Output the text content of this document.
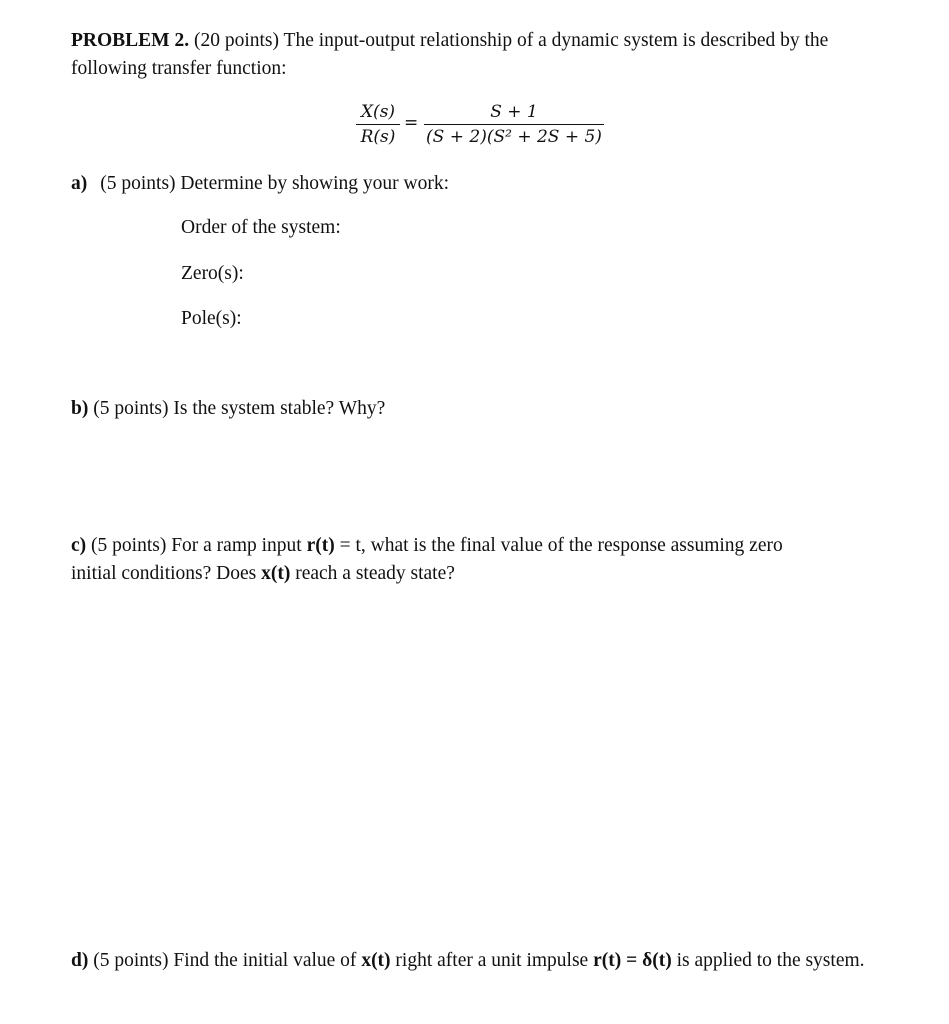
PROBLEM 2. (20 points) The input-output relationship of a dynamic system is described by the
following transfer function:
X(s)
R(s)
=
S + 1
(S + 2)(S² + 2S + 5)
a) (5 points) Determine by showing your work:
Order of the system:
Zero(s):
Pole(s):
b) (5 points) Is the system stable? Why?
c) (5 points) For a ramp input r(t) = t, what is the final value of the response assuming zero
initial conditions? Does x(t) reach a steady state?
d) (5 points) Find the initial value of x(t) right after a unit impulse r(t) = δ(t) is applied to the system.
